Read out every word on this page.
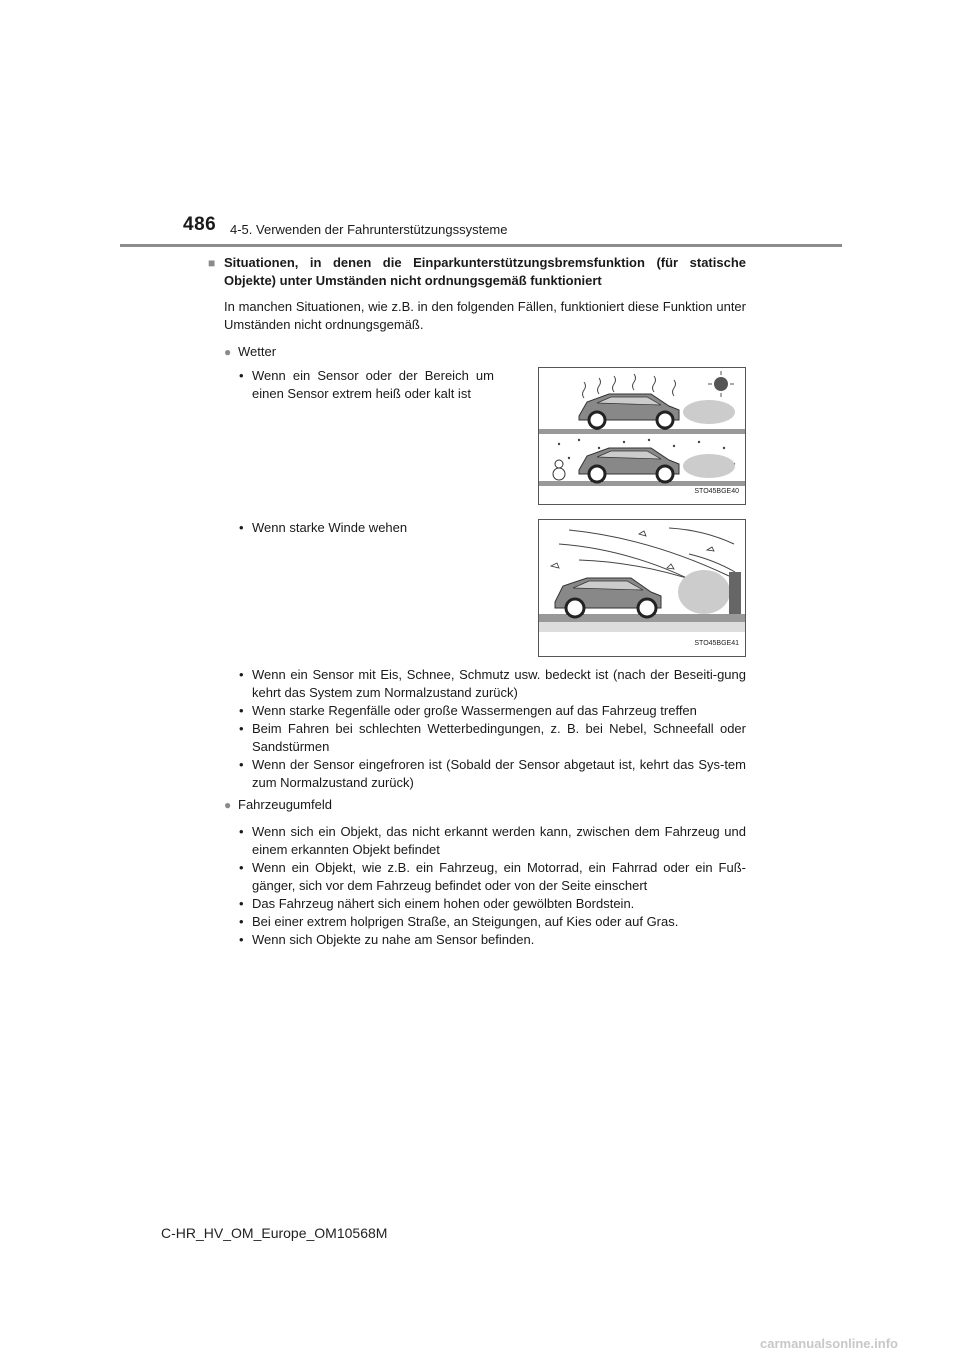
486 4-5. Verwenden der Fahrunterstützungssysteme
■ Situationen, in denen die Einparkunterstützungsbremsfunktion (für statische Objekte) unter Umständen nicht ordnungsgemäß funktioniert
In manchen Situationen, wie z.B. in den folgenden Fällen, funktioniert diese Funktion unter Umständen nicht ordnungsgemäß.
● Wetter
• Wenn ein Sensor oder der Bereich um einen Sensor extrem heiß oder kalt ist
STO45BGE40
• Wenn starke Winde wehen
STO45BGE41
• Wenn ein Sensor mit Eis, Schnee, Schmutz usw. bedeckt ist (nach der Beseiti-gung kehrt das System zum Normalzustand zurück)
• Wenn starke Regenfälle oder große Wassermengen auf das Fahrzeug treffen
• Beim Fahren bei schlechten Wetterbedingungen, z. B. bei Nebel, Schneefall oder Sandstürmen
• Wenn der Sensor eingefroren ist (Sobald der Sensor abgetaut ist, kehrt das Sys-tem zum Normalzustand zurück)
● Fahrzeugumfeld
• Wenn sich ein Objekt, das nicht erkannt werden kann, zwischen dem Fahrzeug und einem erkannten Objekt befindet
• Wenn ein Objekt, wie z.B. ein Fahrzeug, ein Motorrad, ein Fahrrad oder ein Fuß-gänger, sich vor dem Fahrzeug befindet oder von der Seite einschert
• Das Fahrzeug nähert sich einem hohen oder gewölbten Bordstein.
• Bei einer extrem holprigen Straße, an Steigungen, auf Kies oder auf Gras.
• Wenn sich Objekte zu nahe am Sensor befinden.
C-HR_HV_OM_Europe_OM10568M
carmanualsonline.info
